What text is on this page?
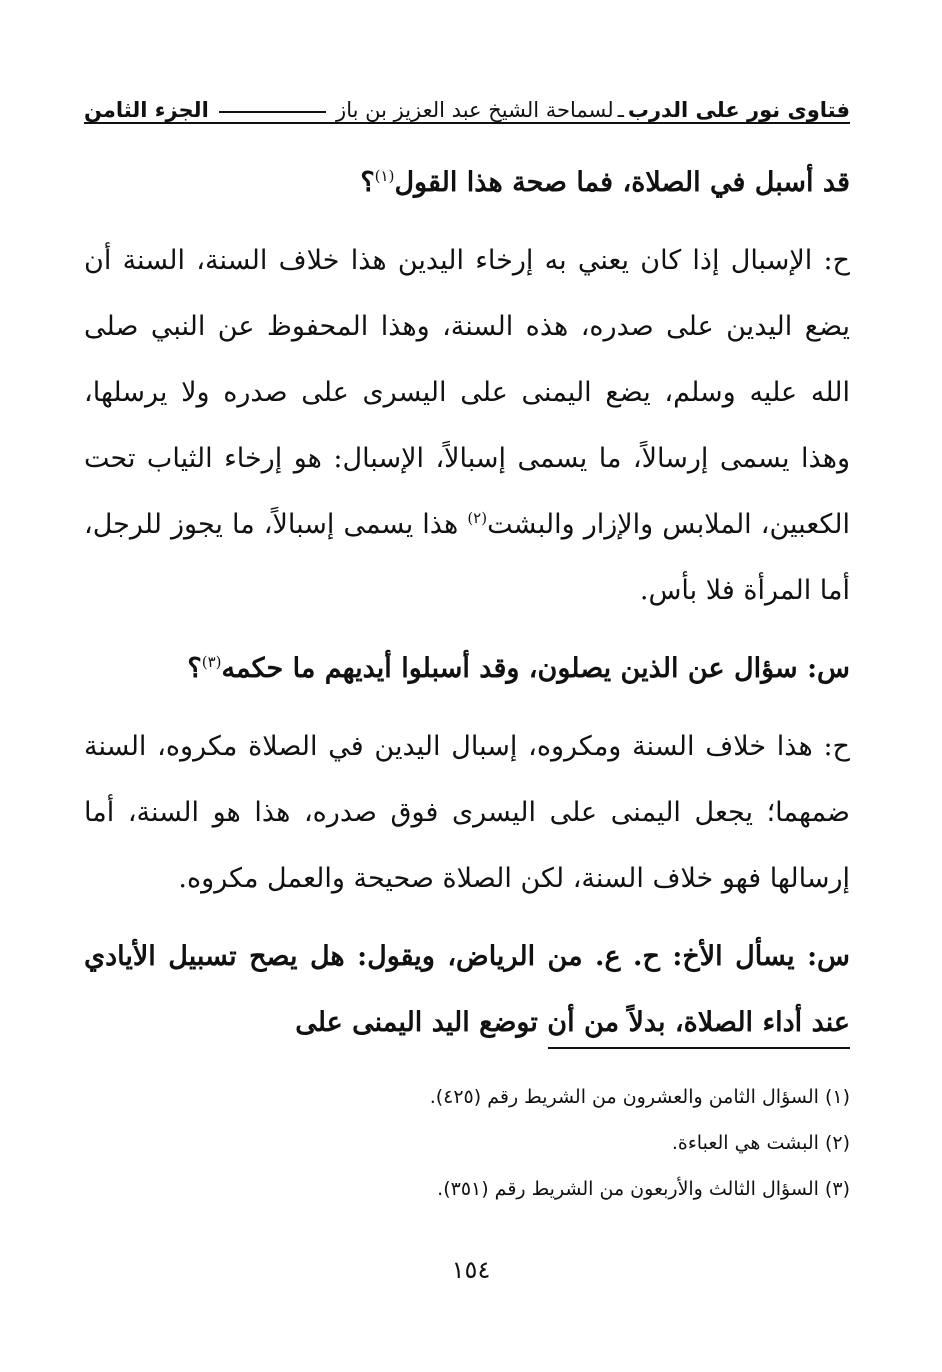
فتاوى نور على الدرب
ـ
لسماحة الشيخ عبد العزيز بن باز
الجزء الثامن

قد أسبل في الصلاة، فما صحة هذا القول$^{(١)}$؟

ح: الإسبال إذا كان يعني به إرخاء اليدين هذا خلاف السنة، السنة أن يضع اليدين على صدره، هذه السنة، وهذا المحفوظ عن النبي صلى الله عليه وسلم، يضع اليمنى على اليسرى على صدره ولا يرسلها، وهذا يسمى إرسالاً، ما يسمى إسبالاً، الإسبال: هو إرخاء الثياب تحت الكعبين، الملابس والإزار والبشت$^{(٢)}$ هذا يسمى إسبالاً، ما يجوز للرجل، أما المرأة فلا بأس.

س: سؤال عن الذين يصلون، وقد أسبلوا أيديهم ما حكمه$^{(٣)}$؟

ح: هذا خلاف السنة ومكروه، إسبال اليدين في الصلاة مكروه، السنة ضمهما؛ يجعل اليمنى على اليسرى فوق صدره، هذا هو السنة، أما إرسالها فهو خلاف السنة، لكن الصلاة صحيحة والعمل مكروه.

س: يسأل الأخ: ح. ع. من الرياض، ويقول: هل يصح تسبيل الأيادي عند أداء الصلاة، بدلاً من أن توضع اليد اليمنى على

(١) السؤال الثامن والعشرون من الشريط رقم (٤٢٥).
(٢) البشت هي العباءة.
(٣) السؤال الثالث والأربعون من الشريط رقم (٣٥١).
١٥٤
